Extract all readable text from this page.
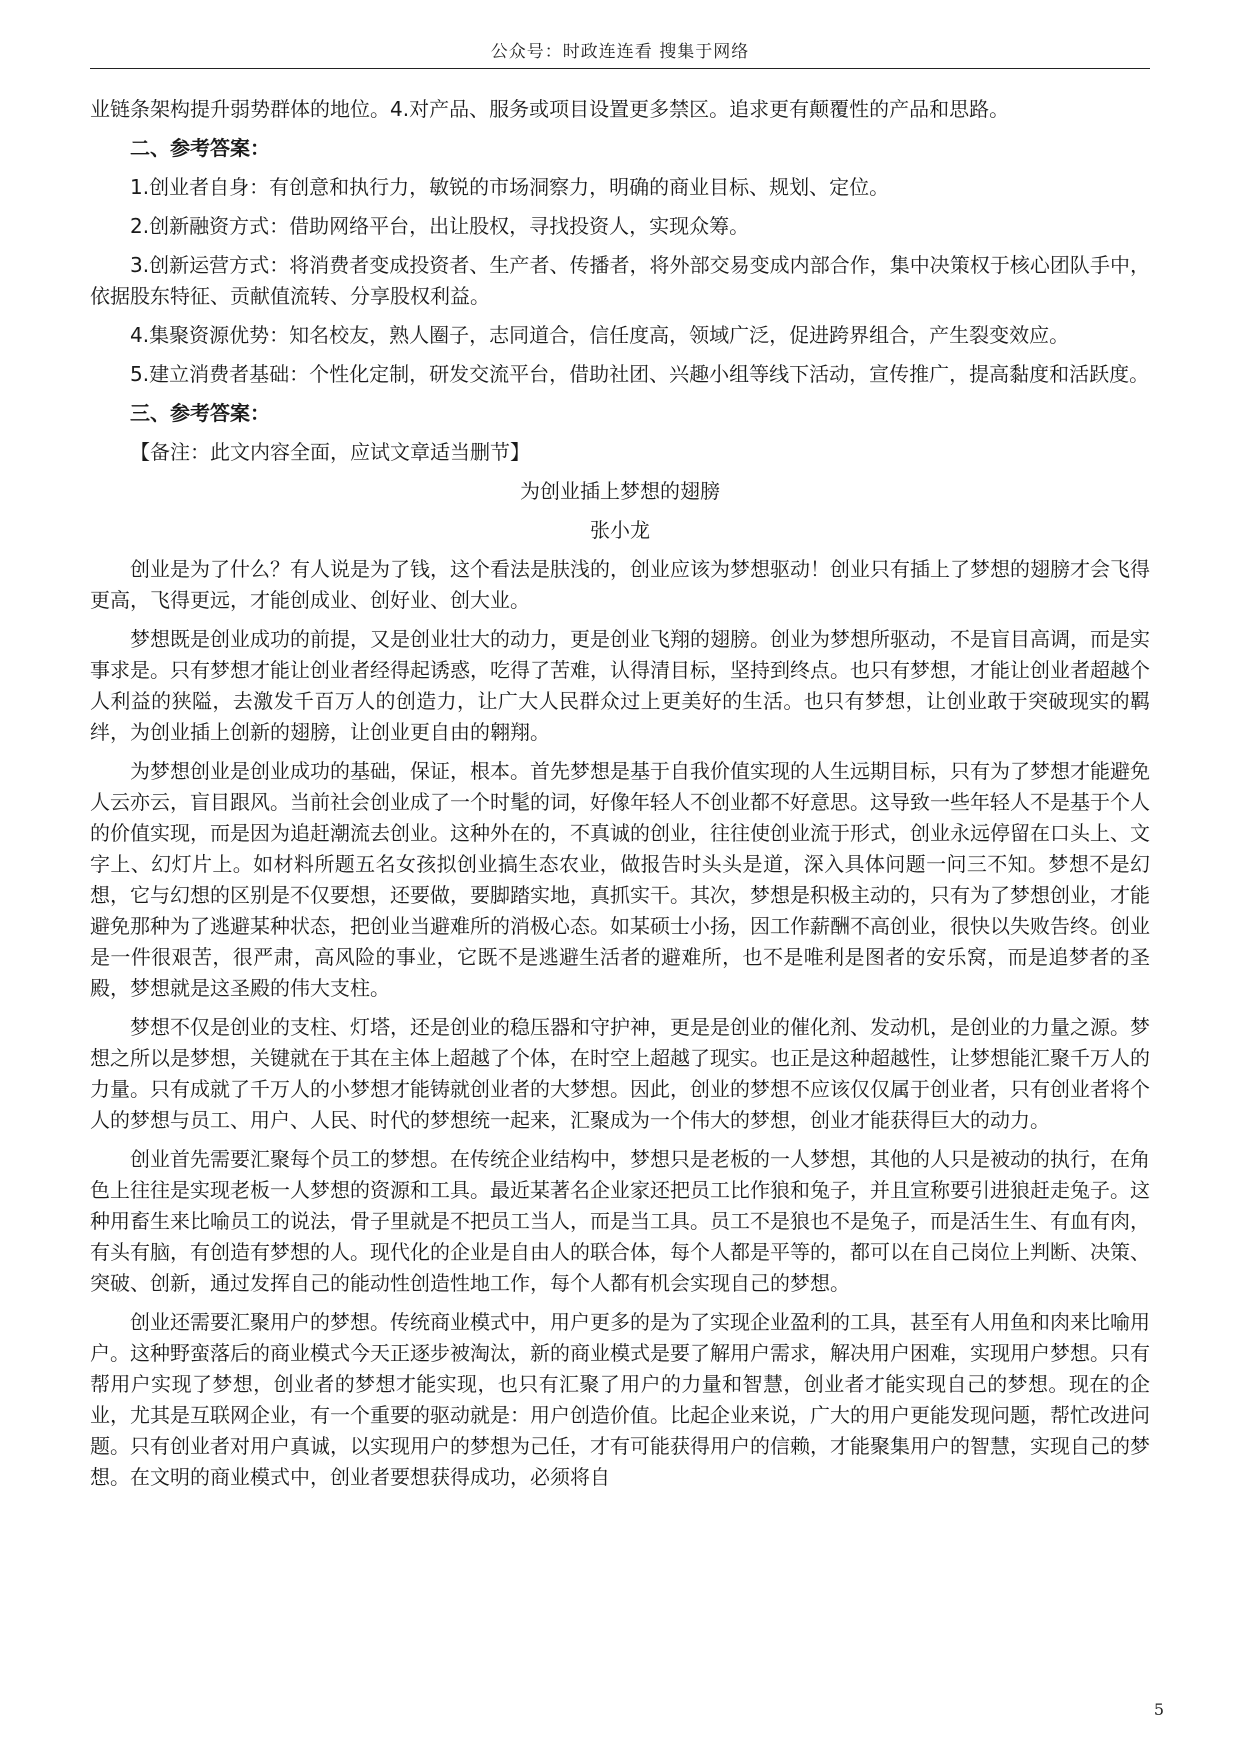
公众号：时政连连看 搜集于网络

业链条架构提升弱势群体的地位。4.对产品、服务或项目设置更多禁区。追求更有颠覆性的产品和思路。

二、参考答案：

1.创业者自身：有创意和执行力，敏锐的市场洞察力，明确的商业目标、规划、定位。

2.创新融资方式：借助网络平台，出让股权，寻找投资人，实现众筹。

3.创新运营方式：将消费者变成投资者、生产者、传播者，将外部交易变成内部合作，集中决策权于核心团队手中，依据股东特征、贡献值流转、分享股权利益。

4.集聚资源优势：知名校友，熟人圈子，志同道合，信任度高，领域广泛，促进跨界组合，产生裂变效应。

5.建立消费者基础：个性化定制，研发交流平台，借助社团、兴趣小组等线下活动，宣传推广，提高黏度和活跃度。

三、参考答案：

【备注：此文内容全面，应试文章适当删节】

为创业插上梦想的翅膀

张小龙

创业是为了什么？有人说是为了钱，这个看法是肤浅的，创业应该为梦想驱动！创业只有插上了梦想的翅膀才会飞得更高，飞得更远，才能创成业、创好业、创大业。

梦想既是创业成功的前提，又是创业壮大的动力，更是创业飞翔的翅膀。创业为梦想所驱动，不是盲目高调，而是实事求是。只有梦想才能让创业者经得起诱惑，吃得了苦难，认得清目标，坚持到终点。也只有梦想，才能让创业者超越个人利益的狭隘，去激发千百万人的创造力，让广大人民群众过上更美好的生活。也只有梦想，让创业敢于突破现实的羁绊，为创业插上创新的翅膀，让创业更自由的翱翔。

为梦想创业是创业成功的基础，保证，根本。首先梦想是基于自我价值实现的人生远期目标，只有为了梦想才能避免人云亦云，盲目跟风。当前社会创业成了一个时髦的词，好像年轻人不创业都不好意思。这导致一些年轻人不是基于个人的价值实现，而是因为追赶潮流去创业。这种外在的，不真诚的创业，往往使创业流于形式，创业永远停留在口头上、文字上、幻灯片上。如材料所题五名女孩拟创业搞生态农业，做报告时头头是道，深入具体问题一问三不知。梦想不是幻想，它与幻想的区别是不仅要想，还要做，要脚踏实地，真抓实干。其次，梦想是积极主动的，只有为了梦想创业，才能避免那种为了逃避某种状态，把创业当避难所的消极心态。如某硕士小扬，因工作薪酬不高创业，很快以失败告终。创业是一件很艰苦，很严肃，高风险的事业，它既不是逃避生活者的避难所，也不是唯利是图者的安乐窝，而是追梦者的圣殿，梦想就是这圣殿的伟大支柱。

梦想不仅是创业的支柱、灯塔，还是创业的稳压器和守护神，更是是创业的催化剂、发动机，是创业的力量之源。梦想之所以是梦想，关键就在于其在主体上超越了个体，在时空上超越了现实。也正是这种超越性，让梦想能汇聚千万人的力量。只有成就了千万人的小梦想才能铸就创业者的大梦想。因此，创业的梦想不应该仅仅属于创业者，只有创业者将个人的梦想与员工、用户、人民、时代的梦想统一起来，汇聚成为一个伟大的梦想，创业才能获得巨大的动力。

创业首先需要汇聚每个员工的梦想。在传统企业结构中，梦想只是老板的一人梦想，其他的人只是被动的执行，在角色上往往是实现老板一人梦想的资源和工具。最近某著名企业家还把员工比作狼和兔子，并且宣称要引进狼赶走兔子。这种用畜生来比喻员工的说法，骨子里就是不把员工当人，而是当工具。员工不是狼也不是兔子，而是活生生、有血有肉，有头有脑，有创造有梦想的人。现代化的企业是自由人的联合体，每个人都是平等的，都可以在自己岗位上判断、决策、突破、创新，通过发挥自己的能动性创造性地工作，每个人都有机会实现自己的梦想。

创业还需要汇聚用户的梦想。传统商业模式中，用户更多的是为了实现企业盈利的工具，甚至有人用鱼和肉来比喻用户。这种野蛮落后的商业模式今天正逐步被淘汰，新的商业模式是要了解用户需求，解决用户困难，实现用户梦想。只有帮用户实现了梦想，创业者的梦想才能实现，也只有汇聚了用户的力量和智慧，创业者才能实现自己的梦想。现在的企业，尤其是互联网企业，有一个重要的驱动就是：用户创造价值。比起企业来说，广大的用户更能发现问题，帮忙改进问题。只有创业者对用户真诚，以实现用户的梦想为己任，才有可能获得用户的信赖，才能聚集用户的智慧，实现自己的梦想。在文明的商业模式中，创业者要想获得成功，必须将自

5
